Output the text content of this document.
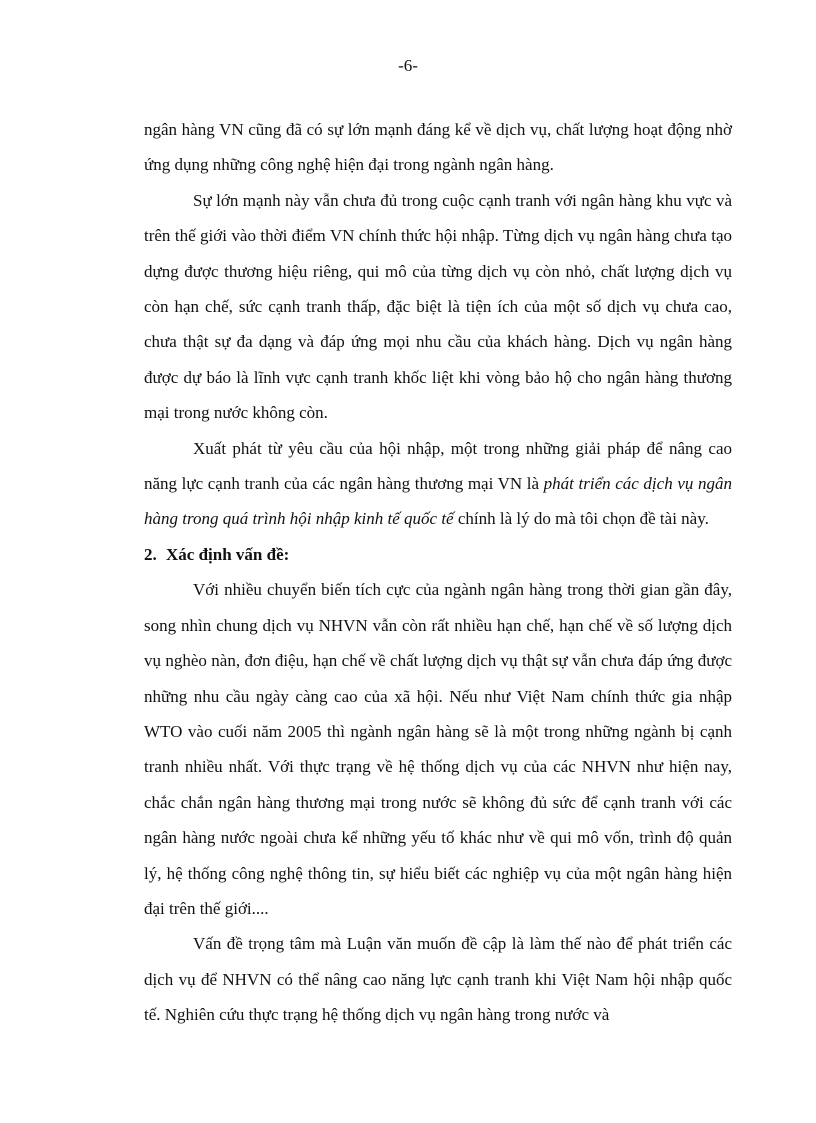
-6-

ngân hàng VN cũng đã có sự lớn mạnh đáng kể về dịch vụ, chất lượng hoạt động nhờ ứng dụng những công nghệ hiện đại trong ngành ngân hàng.

Sự lớn mạnh này vẫn chưa đủ trong cuộc cạnh tranh với ngân hàng khu vực và trên thế giới vào thời điểm VN chính thức hội nhập. Từng dịch vụ ngân hàng chưa tạo dựng được thương hiệu riêng, qui mô của từng dịch vụ còn nhỏ, chất lượng dịch vụ còn hạn chế, sức cạnh tranh thấp, đặc biệt là tiện ích của một số dịch vụ chưa cao, chưa thật sự đa dạng và đáp ứng mọi nhu cầu của khách hàng. Dịch vụ ngân hàng được dự báo là lĩnh vực cạnh tranh khốc liệt khi vòng bảo hộ cho ngân hàng thương mại trong nước không còn.

Xuất phát từ yêu cầu của hội nhập, một trong những giải pháp để nâng cao năng lực cạnh tranh của các ngân hàng thương mại VN là phát triển các dịch vụ ngân hàng trong quá trình hội nhập kinh tế quốc tế chính là lý do mà tôi chọn đề tài này.

2. Xác định vấn đề:

Với nhiều chuyển biến tích cực của ngành ngân hàng trong thời gian gần đây, song nhìn chung dịch vụ NHVN vẫn còn rất nhiều hạn chế, hạn chế về số lượng dịch vụ nghèo nàn, đơn điệu, hạn chế về chất lượng dịch vụ thật sự vẫn chưa đáp ứng được những nhu cầu ngày càng cao của xã hội. Nếu như Việt Nam chính thức gia nhập WTO vào cuối năm 2005 thì ngành ngân hàng sẽ là một trong những ngành bị cạnh tranh nhiều nhất. Với thực trạng về hệ thống dịch vụ của các NHVN như hiện nay, chắc chắn ngân hàng thương mại trong nước sẽ không đủ sức để cạnh tranh với các ngân hàng nước ngoài chưa kể những yếu tố khác như về qui mô vốn, trình độ quản lý, hệ thống công nghệ thông tin, sự hiểu biết các nghiệp vụ của một ngân hàng hiện đại trên thế giới....

Vấn đề trọng tâm mà Luận văn muốn đề cập là làm thế nào để phát triển các dịch vụ để NHVN có thể nâng cao năng lực cạnh tranh khi Việt Nam hội nhập quốc tế. Nghiên cứu thực trạng hệ thống dịch vụ ngân hàng trong nước và
